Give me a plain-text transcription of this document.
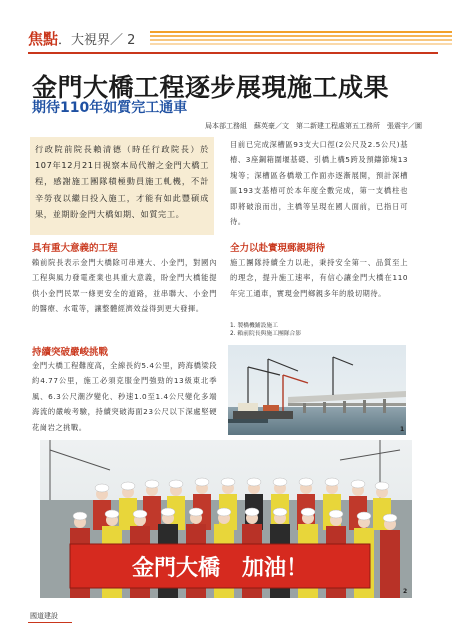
焦點．大視界／ 2
金門大橋工程逐步展現施工成果
期待110年如質完工通車
局本部工務組　蘇英豪／文　第二新建工程處第五工務所　張震宇／圖
行政院前院長賴清德（時任行政院長）於107年12月21日視察本局代辦之金門大橋工程，感謝施工團隊積極動員施工軋機，不計辛勞夜以繼日投入施工，才能有如此豐碩成果，並期盼金門大橋如期、如質完工。
具有重大意義的工程
賴前院長表示金門大橋除可串連大、小金門，對國內工程與風力發電產業也具重大意義，盼金門大橋能提供小金門民眾一條更安全的道路，並串聯大、小金門的醫療、水電等，讓整體經濟效益得到更大發揮。
持續突破嚴峻挑戰
金門大橋工程難度高，全線長約5.4公里，跨海橋梁段約4.77公里，施工必須克服金門強勁的13級東北季風、6.3公尺潮汐變化、秒速1.0至1.4公尺變化多端海流的嚴峻考驗，持續突破海面23公尺以下深處堅硬花崗岩之挑戰。
目前已完成深槽區93支大口徑(2公尺及2.5公尺)基樁、3座鋼箱圍堰基礎、引橋上構5跨及預鑄節塊13塊等；深槽區各橋墩工作面亦逐漸展開，預計深槽區193支基樁可於本年度全數完成，第一支橋柱也即將破浪而出，主橋等呈現在國人面前，已指日可待。
全力以赴實現郵親期待
施工團隊持續全力以赴，秉持安全第一、品質至上的理念，提升施工速率，有信心讓金門大橋在110年完工通車，實現金門鄉親多年的殷切期待。
1. 製橋機鋪設施工
2. 賴前院長與施工團隊合影
1
金門大橋　加油！
2
國道建設
